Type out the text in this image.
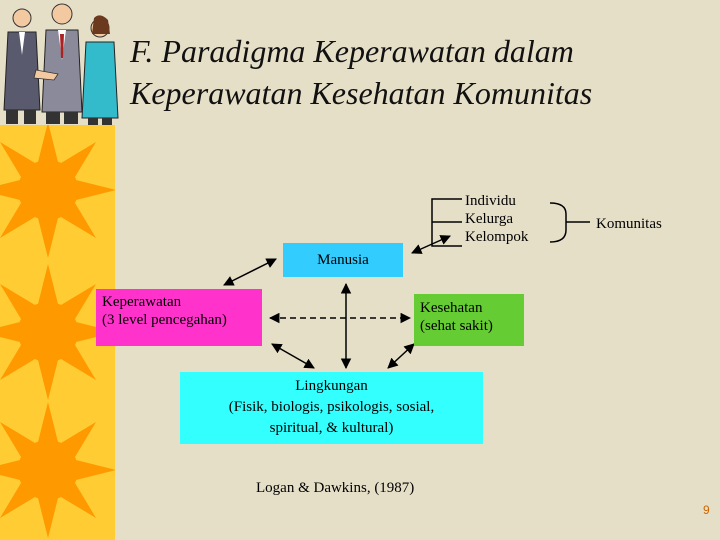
F. Paradigma Keperawatan dalam
Keperawatan Kesehatan Komunitas
Manusia
Keperawatan
(3 level pencegahan)
Kesehatan
(sehat sakit)
Lingkungan
(Fisik, biologis, psikologis, sosial,
spiritual, & kultural)
Individu
Kelurga
Kelompok
Komunitas
Logan & Dawkins, (1987)
9
